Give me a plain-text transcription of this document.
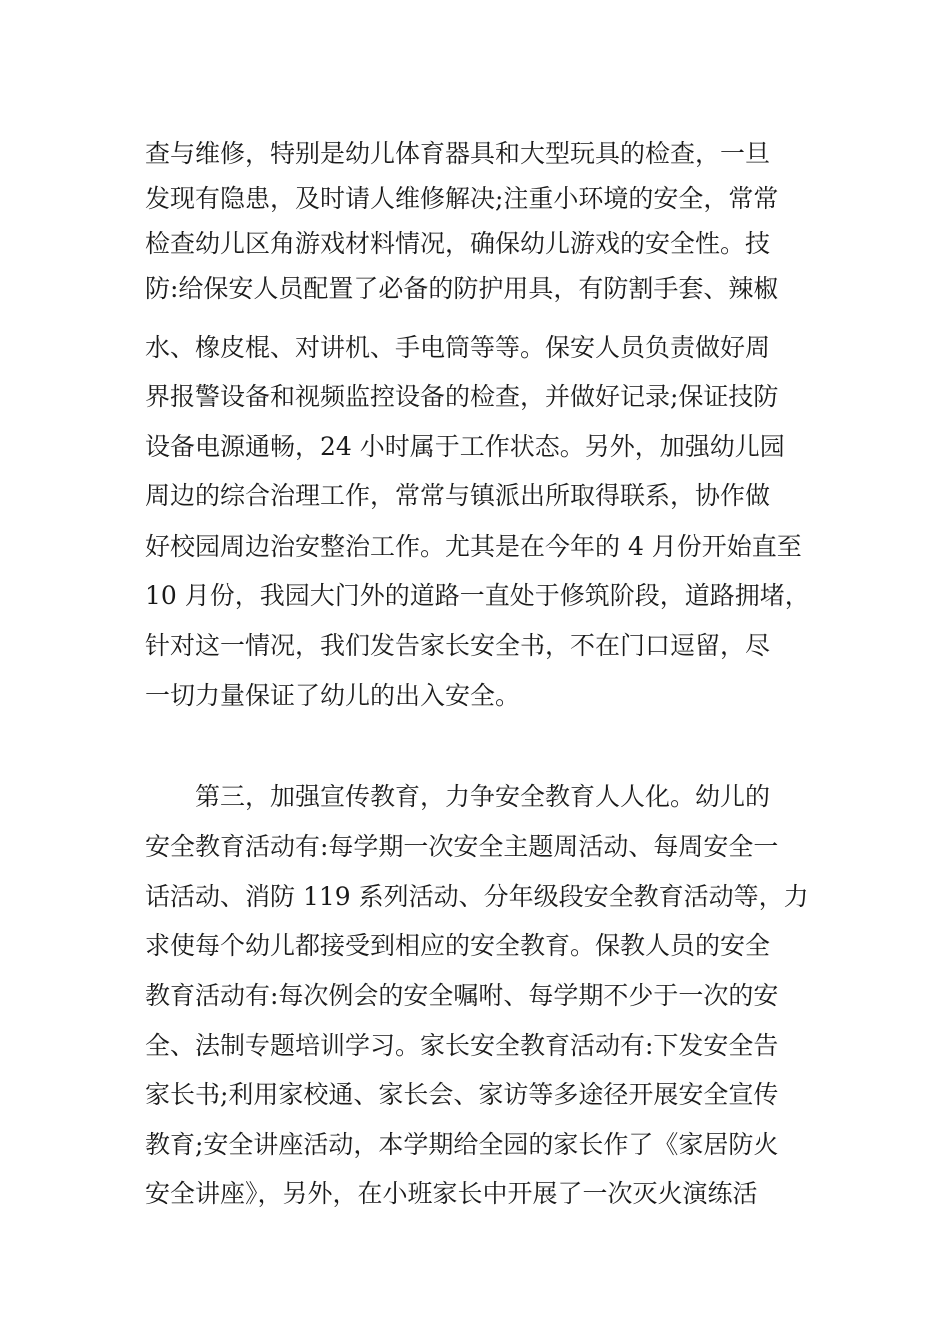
查与维修，特别是幼儿体育器具和大型玩具的检查，一旦
发现有隐患，及时请人维修解决;注重小环境的安全，常常
检查幼儿区角游戏材料情况，确保幼儿游戏的安全性。技
防:给保安人员配置了必备的防护用具，有防割手套、辣椒
水、橡皮棍、对讲机、手电筒等等。保安人员负责做好周
界报警设备和视频监控设备的检查，并做好记录;保证技防
设备电源通畅，24 小时属于工作状态。另外，加强幼儿园
周边的综合治理工作，常常与镇派出所取得联系，协作做
好校园周边治安整治工作。尤其是在今年的 4 月份开始直至
10 月份，我园大门外的道路一直处于修筑阶段，道路拥堵，
针对这一情况，我们发告家长安全书，不在门口逗留，尽
一切力量保证了幼儿的出入安全。
第三，加强宣传教育，力争安全教育人人化。幼儿的
安全教育活动有:每学期一次安全主题周活动、每周安全一
话活动、消防 119 系列活动、分年级段安全教育活动等，力
求使每个幼儿都接受到相应的安全教育。保教人员的安全
教育活动有:每次例会的安全嘱咐、每学期不少于一次的安
全、法制专题培训学习。家长安全教育活动有:下发安全告
家长书;利用家校通、家长会、家访等多途径开展安全宣传
教育;安全讲座活动，本学期给全园的家长作了《家居防火
安全讲座》，另外，在小班家长中开展了一次灭火演练活
